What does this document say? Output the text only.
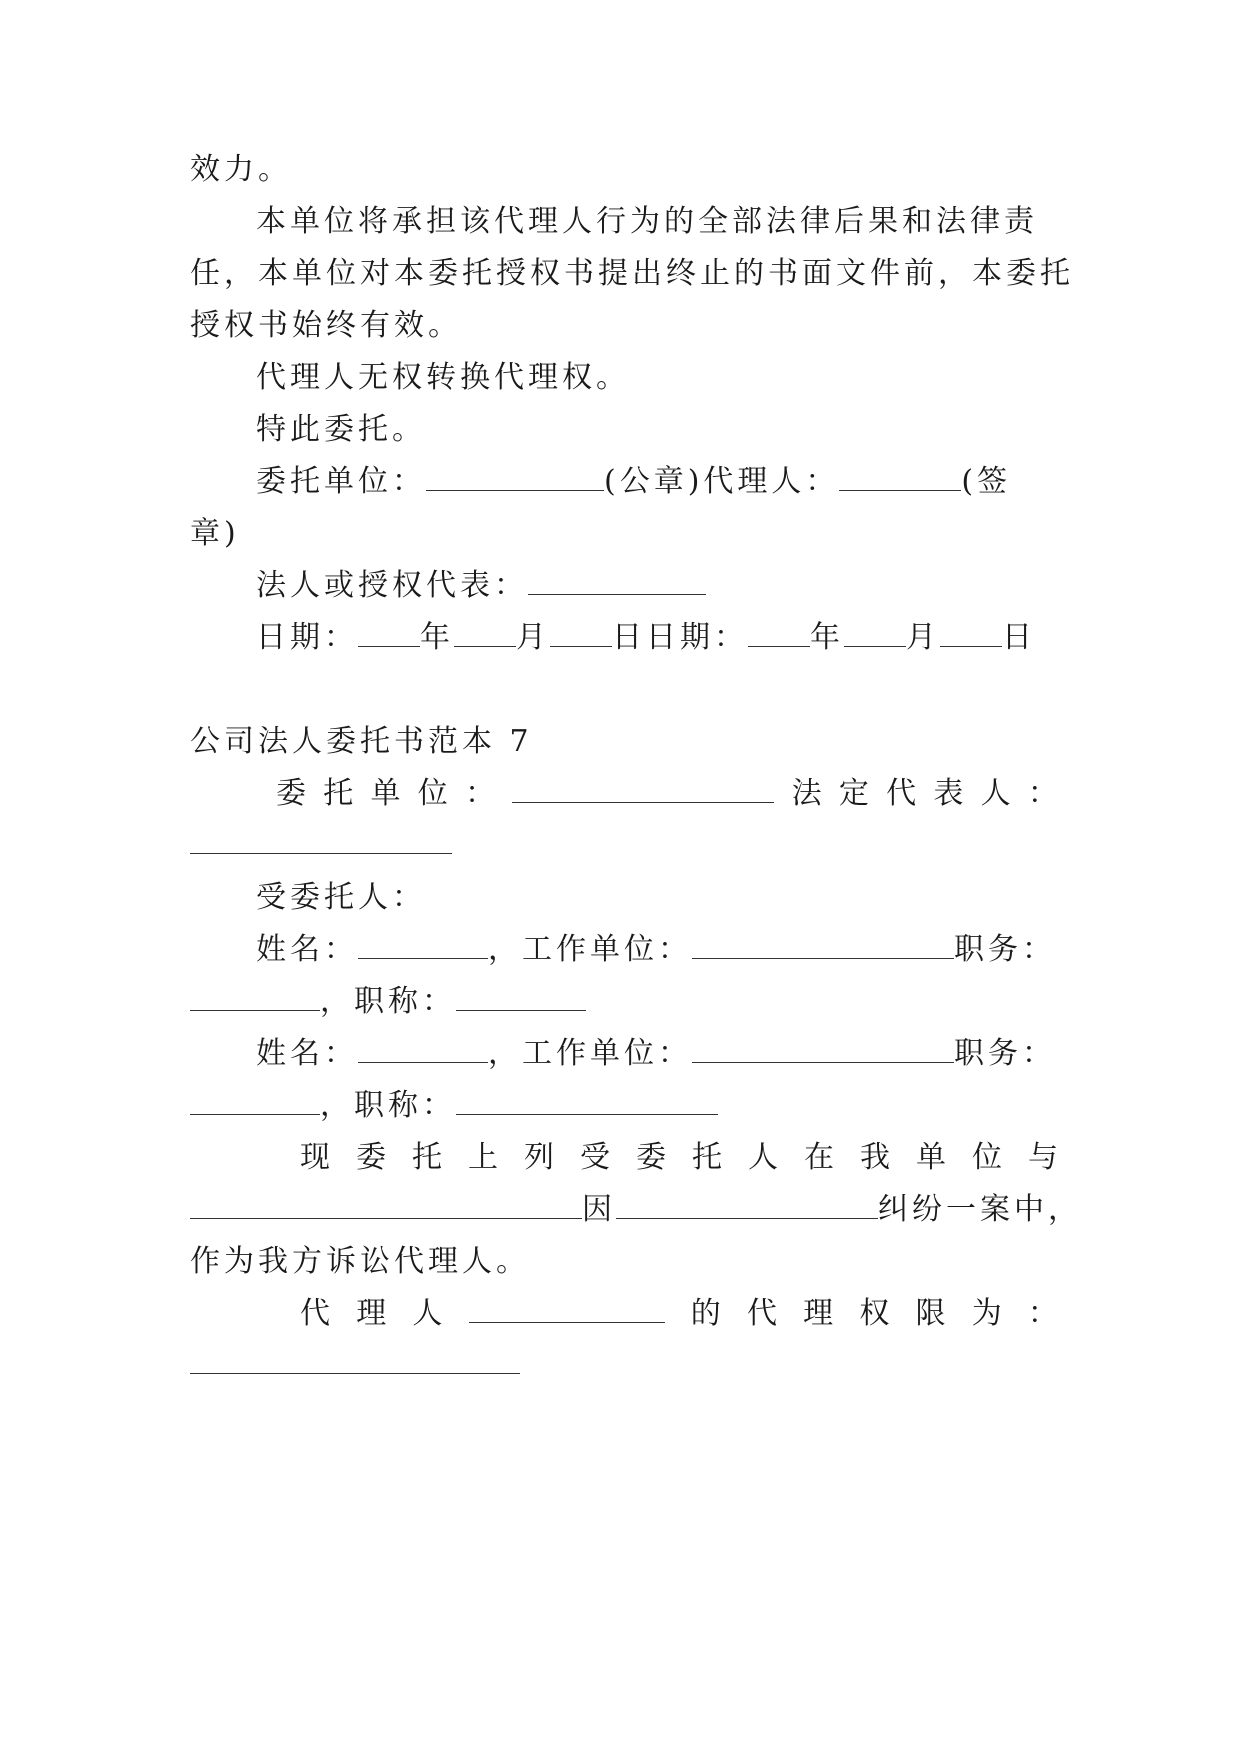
效力。
本单位将承担该代理人行为的全部法律后果和法律责
任，本单位对本委托授权书提出终止的书面文件前，本委托
授权书始终有效。
代理人无权转换代理权。
特此委托。
委托单位：	(公章)代理人：	(签
章)
法人或授权代表：
日期： 年 月 日日期： 年 月 日
公司法人委托书范本 7
委 托 单 位 ：	法 定 代 表 人 ：
受委托人：
姓名：	，工作单位：	职务：
，职称：
姓名：	，工作单位：	职务：
，职称：
现 委 托 上 列 受 委 托 人 在 我 单 位 与
因	纠纷一案中，
作为我方诉讼代理人。
代 理 人	的 代 理 权 限 为 ：
